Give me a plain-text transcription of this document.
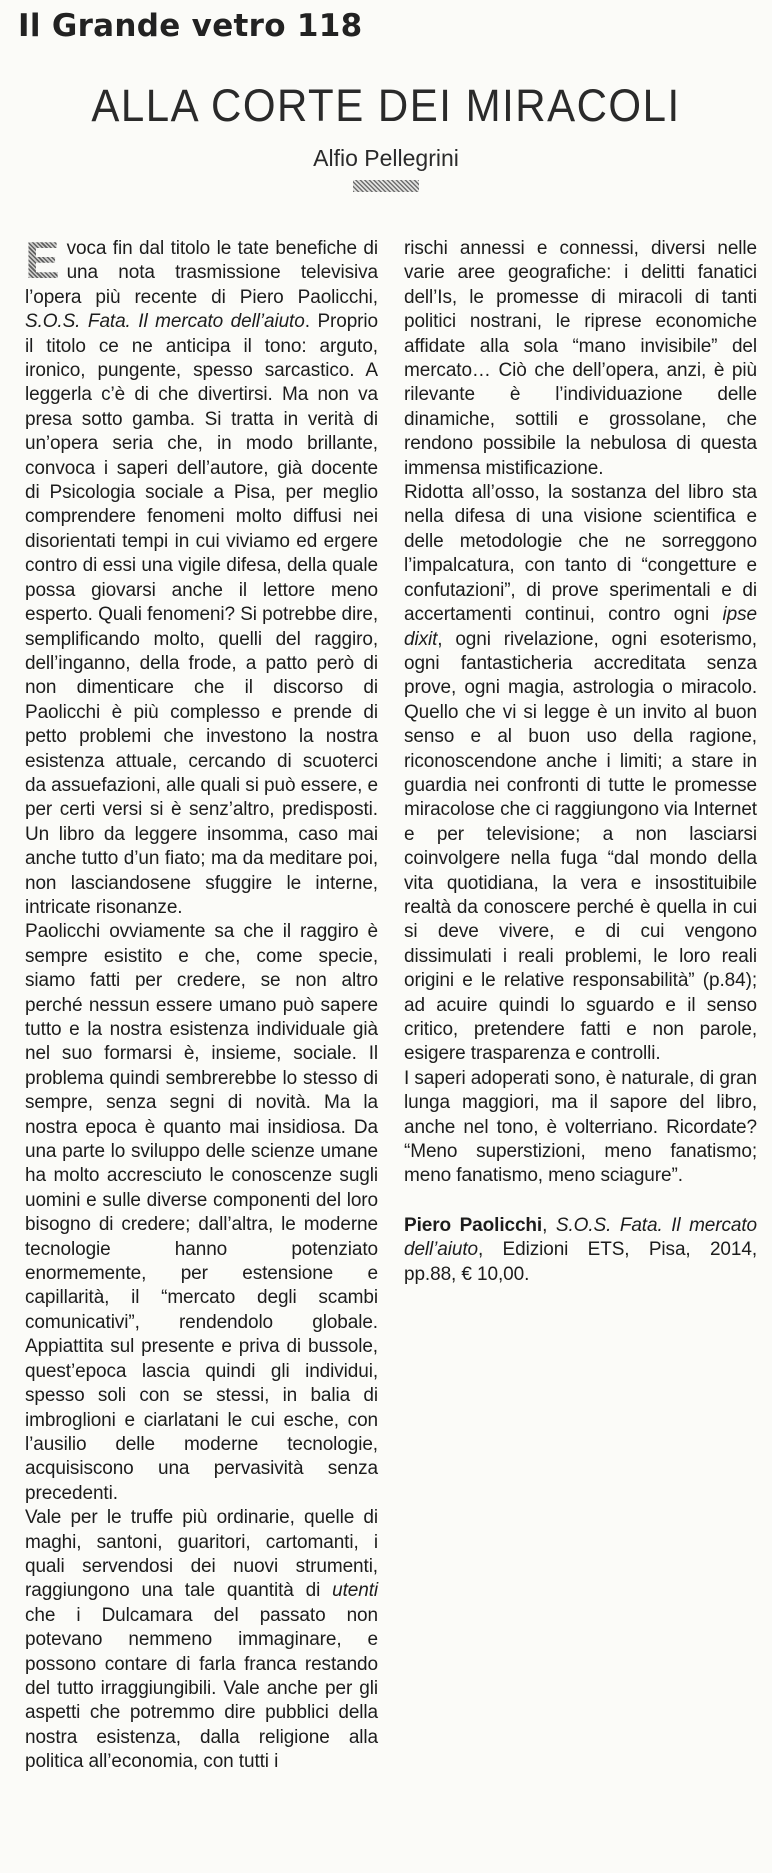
Il Grande vetro 118
ALLA CORTE DEI MIRACOLI
Alfio Pellegrini

E voca fin dal titolo le tate benefiche di una nota trasmissione televisiva l’opera più recente di Piero Paolicchi, S.O.S. Fata. Il mercato dell’aiuto. Proprio il titolo ce ne anticipa il tono: arguto, ironico, pungente, spesso sarcastico. A leggerla c’è di che divertirsi. Ma non va presa sotto gamba. Si tratta in verità di un’opera seria che, in modo brillante, convoca i saperi dell’autore, già docente di Psicologia sociale a Pisa, per meglio comprendere fenomeni molto diffusi nei disorientati tempi in cui viviamo ed ergere contro di essi una vigile difesa, della quale possa giovarsi anche il lettore meno esperto. Quali fenomeni? Si potrebbe dire, semplificando molto, quelli del raggiro, dell’inganno, della frode, a patto però di non dimenticare che il discorso di Paolicchi è più complesso e prende di petto problemi che investono la nostra esistenza attuale, cercando di scuoterci da assuefazioni, alle quali si può essere, e per certi versi si è senz’altro, predisposti. Un libro da leggere insomma, caso mai anche tutto d’un fiato; ma da meditare poi, non lasciandosene sfuggire le interne, intricate risonanze.

Paolicchi ovviamente sa che il raggiro è sempre esistito e che, come specie, siamo fatti per credere, se non altro perché nessun essere umano può sapere tutto e la nostra esistenza individuale già nel suo formarsi è, insieme, sociale. Il problema quindi sembrerebbe lo stesso di sempre, senza segni di novità. Ma la nostra epoca è quanto mai insidiosa. Da una parte lo sviluppo delle scienze umane ha molto accresciuto le conoscenze sugli uomini e sulle diverse componenti del loro bisogno di credere; dall’altra, le moderne tecnologie hanno potenziato enormemente, per estensione e capillarità, il “mercato degli scambi comunicativi”, rendendolo globale. Appiattita sul presente e priva di bussole, quest’epoca lascia quindi gli individui, spesso soli con se stessi, in balia di imbroglioni e ciarlatani le cui esche, con l’ausilio delle moderne tecnologie, acquisiscono una pervasività senza precedenti.

Vale per le truffe più ordinarie, quelle di maghi, santoni, guaritori, cartomanti, i quali servendosi dei nuovi strumenti, raggiungono una tale quantità di utenti che i Dulcamara del passato non potevano nemmeno immaginare, e possono contare di farla franca restando del tutto irraggiungibili. Vale anche per gli aspetti che potremmo dire pubblici della nostra esistenza, dalla religione alla politica all’economia, con tutti i

rischi annessi e connessi, diversi nelle varie aree geografiche: i delitti fanatici dell’Is, le promesse di miracoli di tanti politici nostrani, le riprese economiche affidate alla sola “mano invisibile” del mercato… Ciò che dell’opera, anzi, è più rilevante è l’individuazione delle dinamiche, sottili e grossolane, che rendono possibile la nebulosa di questa immensa mistificazione.

Ridotta all’osso, la sostanza del libro sta nella difesa di una visione scientifica e delle metodologie che ne sorreggono l’impalcatura, con tanto di “congetture e confutazioni”, di prove sperimentali e di accertamenti continui, contro ogni ipse dixit, ogni rivelazione, ogni esoterismo, ogni fantasticheria accreditata senza prove, ogni magia, astrologia o miracolo. Quello che vi si legge è un invito al buon senso e al buon uso della ragione, riconoscendone anche i limiti; a stare in guardia nei confronti di tutte le promesse miracolose che ci raggiungono via Internet e per televisione; a non lasciarsi coinvolgere nella fuga “dal mondo della vita quotidiana, la vera e insostituibile realtà da conoscere perché è quella in cui si deve vivere, e di cui vengono dissimulati i reali problemi, le loro reali origini e le relative responsabilità” (p.84); ad acuire quindi lo sguardo e il senso critico, pretendere fatti e non parole, esigere trasparenza e controlli.

I saperi adoperati sono, è naturale, di gran lunga maggiori, ma il sapore del libro, anche nel tono, è volterriano. Ricordate? “Meno superstizioni, meno fanatismo; meno fanatismo, meno sciagure”.

Piero Paolicchi, S.O.S. Fata. Il mercato dell’aiuto, Edizioni ETS, Pisa, 2014, pp.88, € 10,00.
